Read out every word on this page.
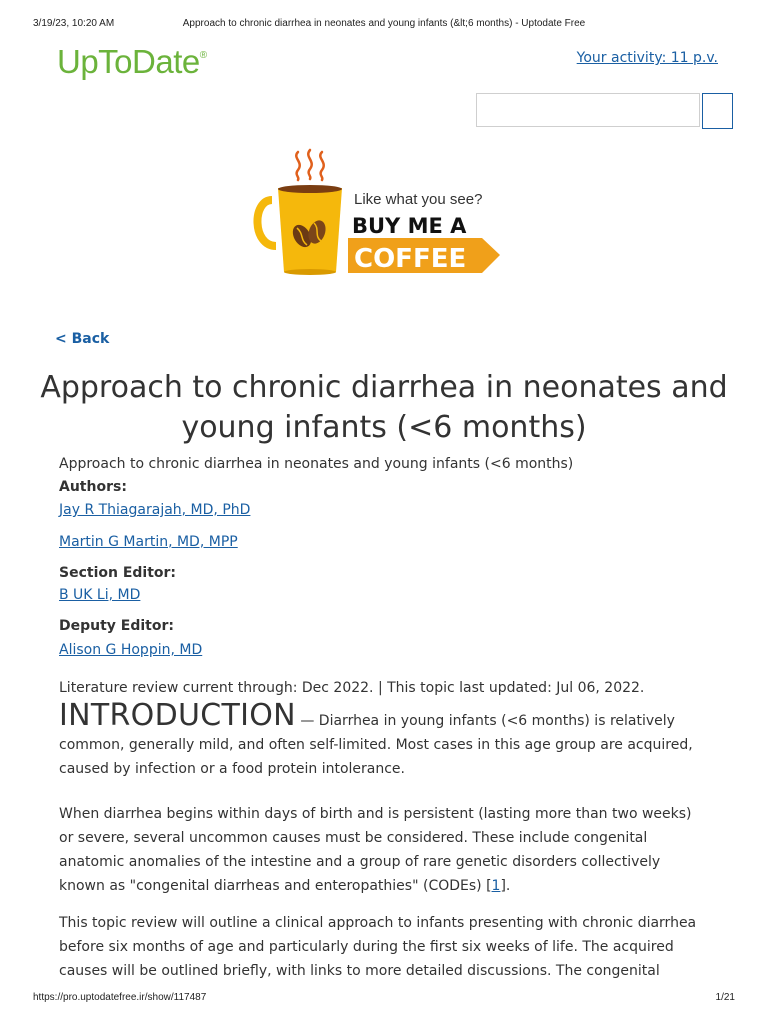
3/19/23, 10:20 AM	Approach to chronic diarrhea in neonates and young infants (&lt;6 months) - Uptodate Free
UpToDate®	Your activity: 11 p.v.
Like what you see?
BUY ME A
COFFEE
< Back
Approach to chronic diarrhea in neonates and young infants (<6 months)
Approach to chronic diarrhea in neonates and young infants (<6 months)
Authors:
Jay R Thiagarajah, MD, PhD
Martin G Martin, MD, MPP
Section Editor:
B UK Li, MD
Deputy Editor:
Alison G Hoppin, MD
Literature review current through: Dec 2022. | This topic last updated: Jul 06, 2022.

INTRODUCTION — Diarrhea in young infants (<6 months) is relatively common, generally mild, and often self-limited. Most cases in this age group are acquired, caused by infection or a food protein intolerance.

When diarrhea begins within days of birth and is persistent (lasting more than two weeks) or severe, several uncommon causes must be considered. These include congenital anatomic anomalies of the intestine and a group of rare genetic disorders collectively known as "congenital diarrheas and enteropathies" (CODEs) [1].

This topic review will outline a clinical approach to infants presenting with chronic diarrhea before six months of age and particularly during the first six weeks of life. The acquired causes will be outlined briefly, with links to more detailed discussions. The congenital

https://pro.uptodatefree.ir/show/117487	1/21
